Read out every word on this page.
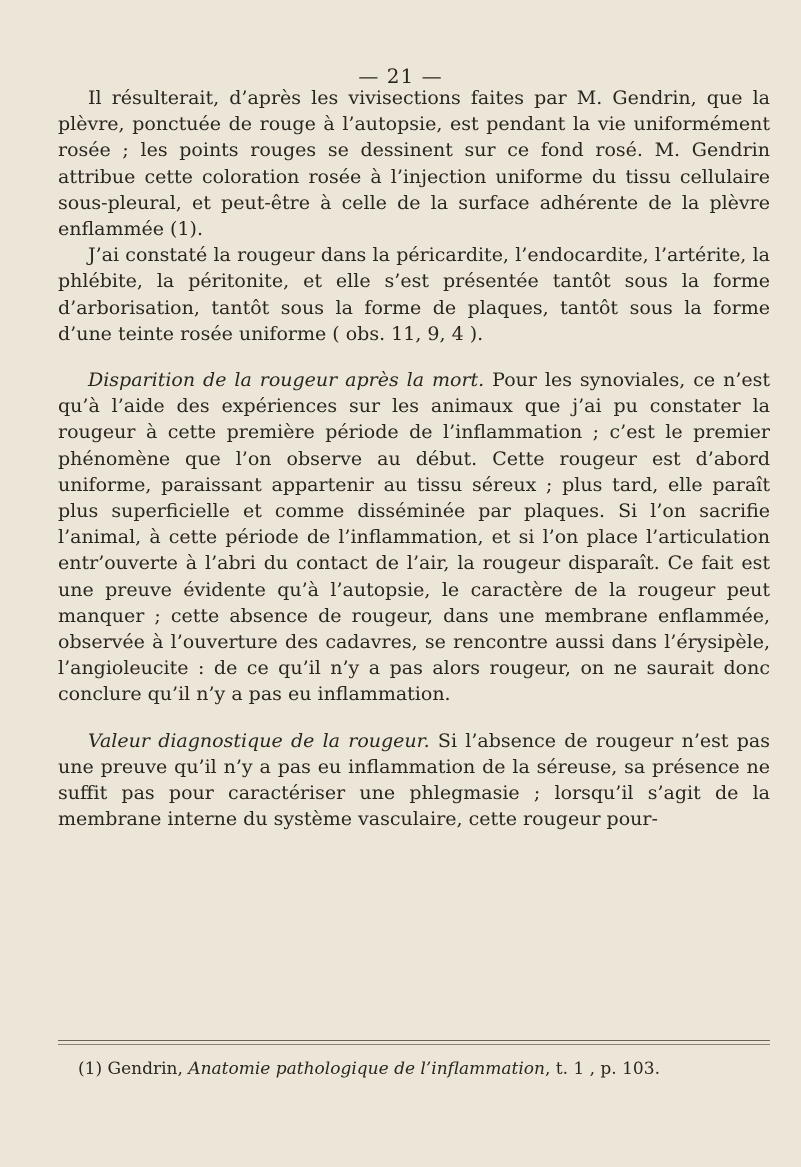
— 21 —

Il résulterait, d’après les vivisections faites par M. Gendrin, que la plèvre, ponctuée de rouge à l’autopsie, est pendant la vie uniformément rosée ; les points rouges se dessinent sur ce fond rosé. M. Gendrin attribue cette coloration rosée à l’injection uniforme du tissu cellulaire sous-pleural, et peut-être à celle de la surface adhérente de la plèvre enflammée (1).

J’ai constaté la rougeur dans la péricardite, l’endocardite, l’artérite, la phlébite, la péritonite, et elle s’est présentée tantôt sous la forme d’arborisation, tantôt sous la forme de plaques, tantôt sous la forme d’une teinte rosée uniforme ( obs. 11, 9, 4 ).

Disparition de la rougeur après la mort. Pour les synoviales, ce n’est qu’à l’aide des expériences sur les animaux que j’ai pu constater la rougeur à cette première période de l’inflammation ; c’est le premier phénomène que l’on observe au début. Cette rougeur est d’abord uniforme, paraissant appartenir au tissu séreux ; plus tard, elle paraît plus superficielle et comme disséminée par plaques. Si l’on sacrifie l’animal, à cette période de l’inflammation, et si l’on place l’articulation entr’ouverte à l’abri du contact de l’air, la rougeur disparaît. Ce fait est une preuve évidente qu’à l’autopsie, le caractère de la rougeur peut manquer ; cette absence de rougeur, dans une membrane enflammée, observée à l’ouverture des cadavres, se rencontre aussi dans l’érysipèle, l’angioleucite : de ce qu’il n’y a pas alors rougeur, on ne saurait donc conclure qu’il n’y a pas eu inflammation.

Valeur diagnostique de la rougeur. Si l’absence de rougeur n’est pas une preuve qu’il n’y a pas eu inflammation de la séreuse, sa présence ne suffit pas pour caractériser une phlegmasie ; lorsqu’il s’agit de la membrane interne du système vasculaire, cette rougeur pour-

(1) Gendrin, Anatomie pathologique de l’inflammation, t. 1 , p. 103.
